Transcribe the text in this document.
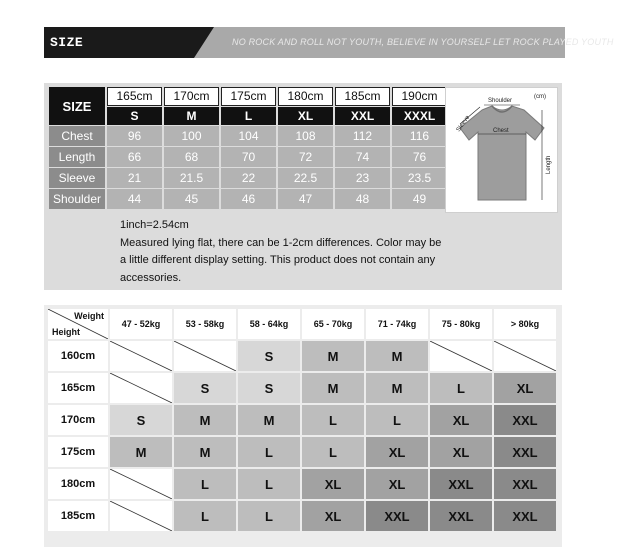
SIZE SPECIFICATION
NO ROCK AND ROLL NOT YOUTH, BELIEVE IN YOURSELF LET ROCK PLAYED YOUTH
SIZE	165cm	170cm	175cm	180cm	185cm	190cm
	S	M	L	XL	XXL	XXXL
Chest	96	100	104	108	112	116
Length	66	68	70	72	74	76
Sleeve	21	21.5	22	22.5	23	23.5
Shoulder	44	45	46	47	48	49
1inch=2.54cm
Measured lying flat, there can be 1-2cm differences. Color may be
a little different display setting. This product does not contain any
accessories.
(cm)
Shoulder
Chest
Sleeve
Length
Weight
Height	47 - 52kg	53 - 58kg	58 - 64kg	65 - 70kg	71 - 74kg	75 - 80kg	> 80kg
160cm			S	M	M	

165cm		S	S	M	M	L	XL
170cm	S	M	M	L	L	XL	XXL
175cm	M	M	L	L	XL	XL	XXL
180cm		L	L	XL	XL	XXL	XXL
185cm		L	L	XL	XXL	XXL	XXL
